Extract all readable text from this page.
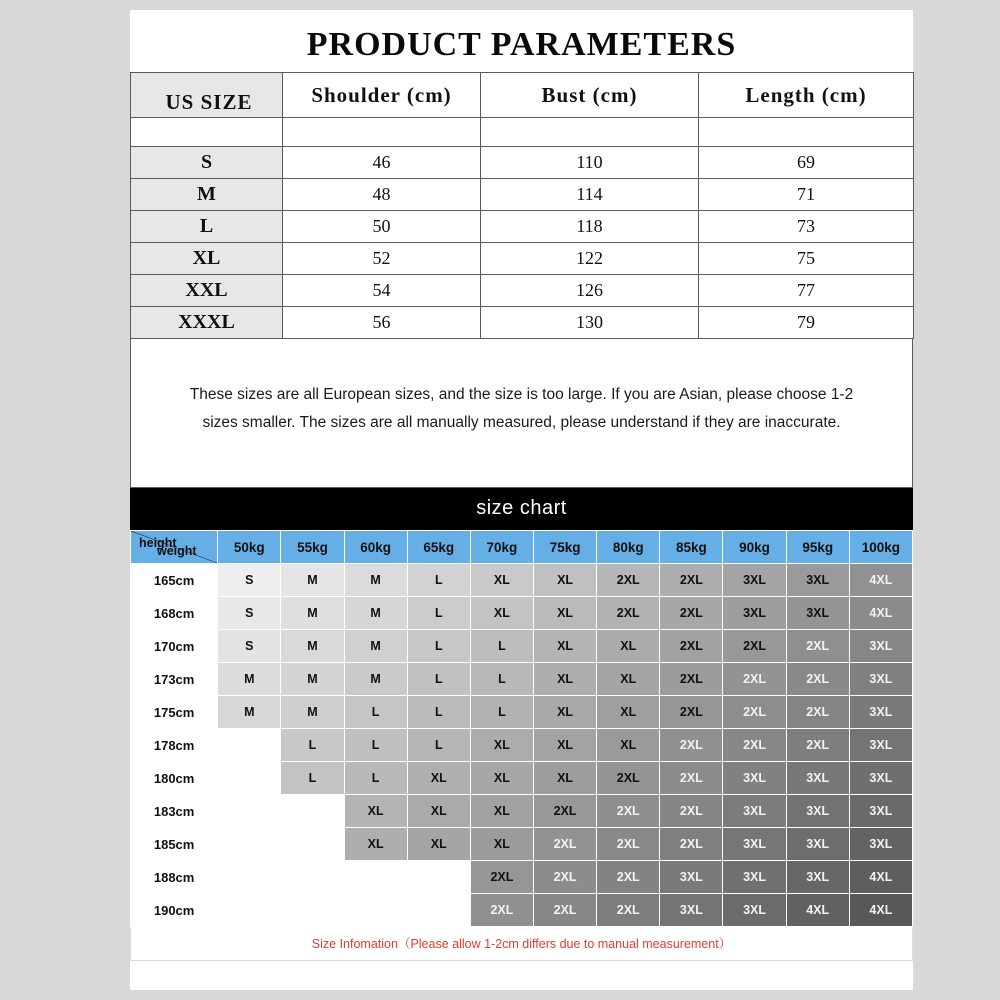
PRODUCT PARAMETERS
US SIZE	Shoulder (cm)	Bust (cm)	Length (cm)

S	46	110	69
M	48	114	71
L	50	118	73
XL	52	122	75
XXL	54	126	77
XXXL	56	130	79
These sizes are all European sizes, and the size is too large. If you are Asian, please choose 1-2 sizes smaller. The sizes are all manually measured, please understand if they are inaccurate.
size chart
height
weight	50kg	55kg	60kg	65kg	70kg	75kg	80kg	85kg	90kg	95kg	100kg
165cm	S	M	M	L	XL	XL	2XL	2XL	3XL	3XL	4XL
168cm	S	M	M	L	XL	XL	2XL	2XL	3XL	3XL	4XL
170cm	S	M	M	L	L	XL	XL	2XL	2XL	2XL	3XL
173cm	M	M	M	L	L	XL	XL	2XL	2XL	2XL	3XL
175cm	M	M	L	L	L	XL	XL	2XL	2XL	2XL	3XL
178cm		L	L	L	XL	XL	XL	2XL	2XL	2XL	3XL
180cm		L	L	XL	XL	XL	2XL	2XL	3XL	3XL	3XL
183cm			XL	XL	XL	2XL	2XL	2XL	3XL	3XL	3XL
185cm			XL	XL	XL	2XL	2XL	2XL	3XL	3XL	3XL
188cm					2XL	2XL	2XL	3XL	3XL	3XL	4XL
190cm					2XL	2XL	2XL	3XL	3XL	4XL	4XL
Size Infomation（Please allow 1-2cm differs due to manual measurement）
